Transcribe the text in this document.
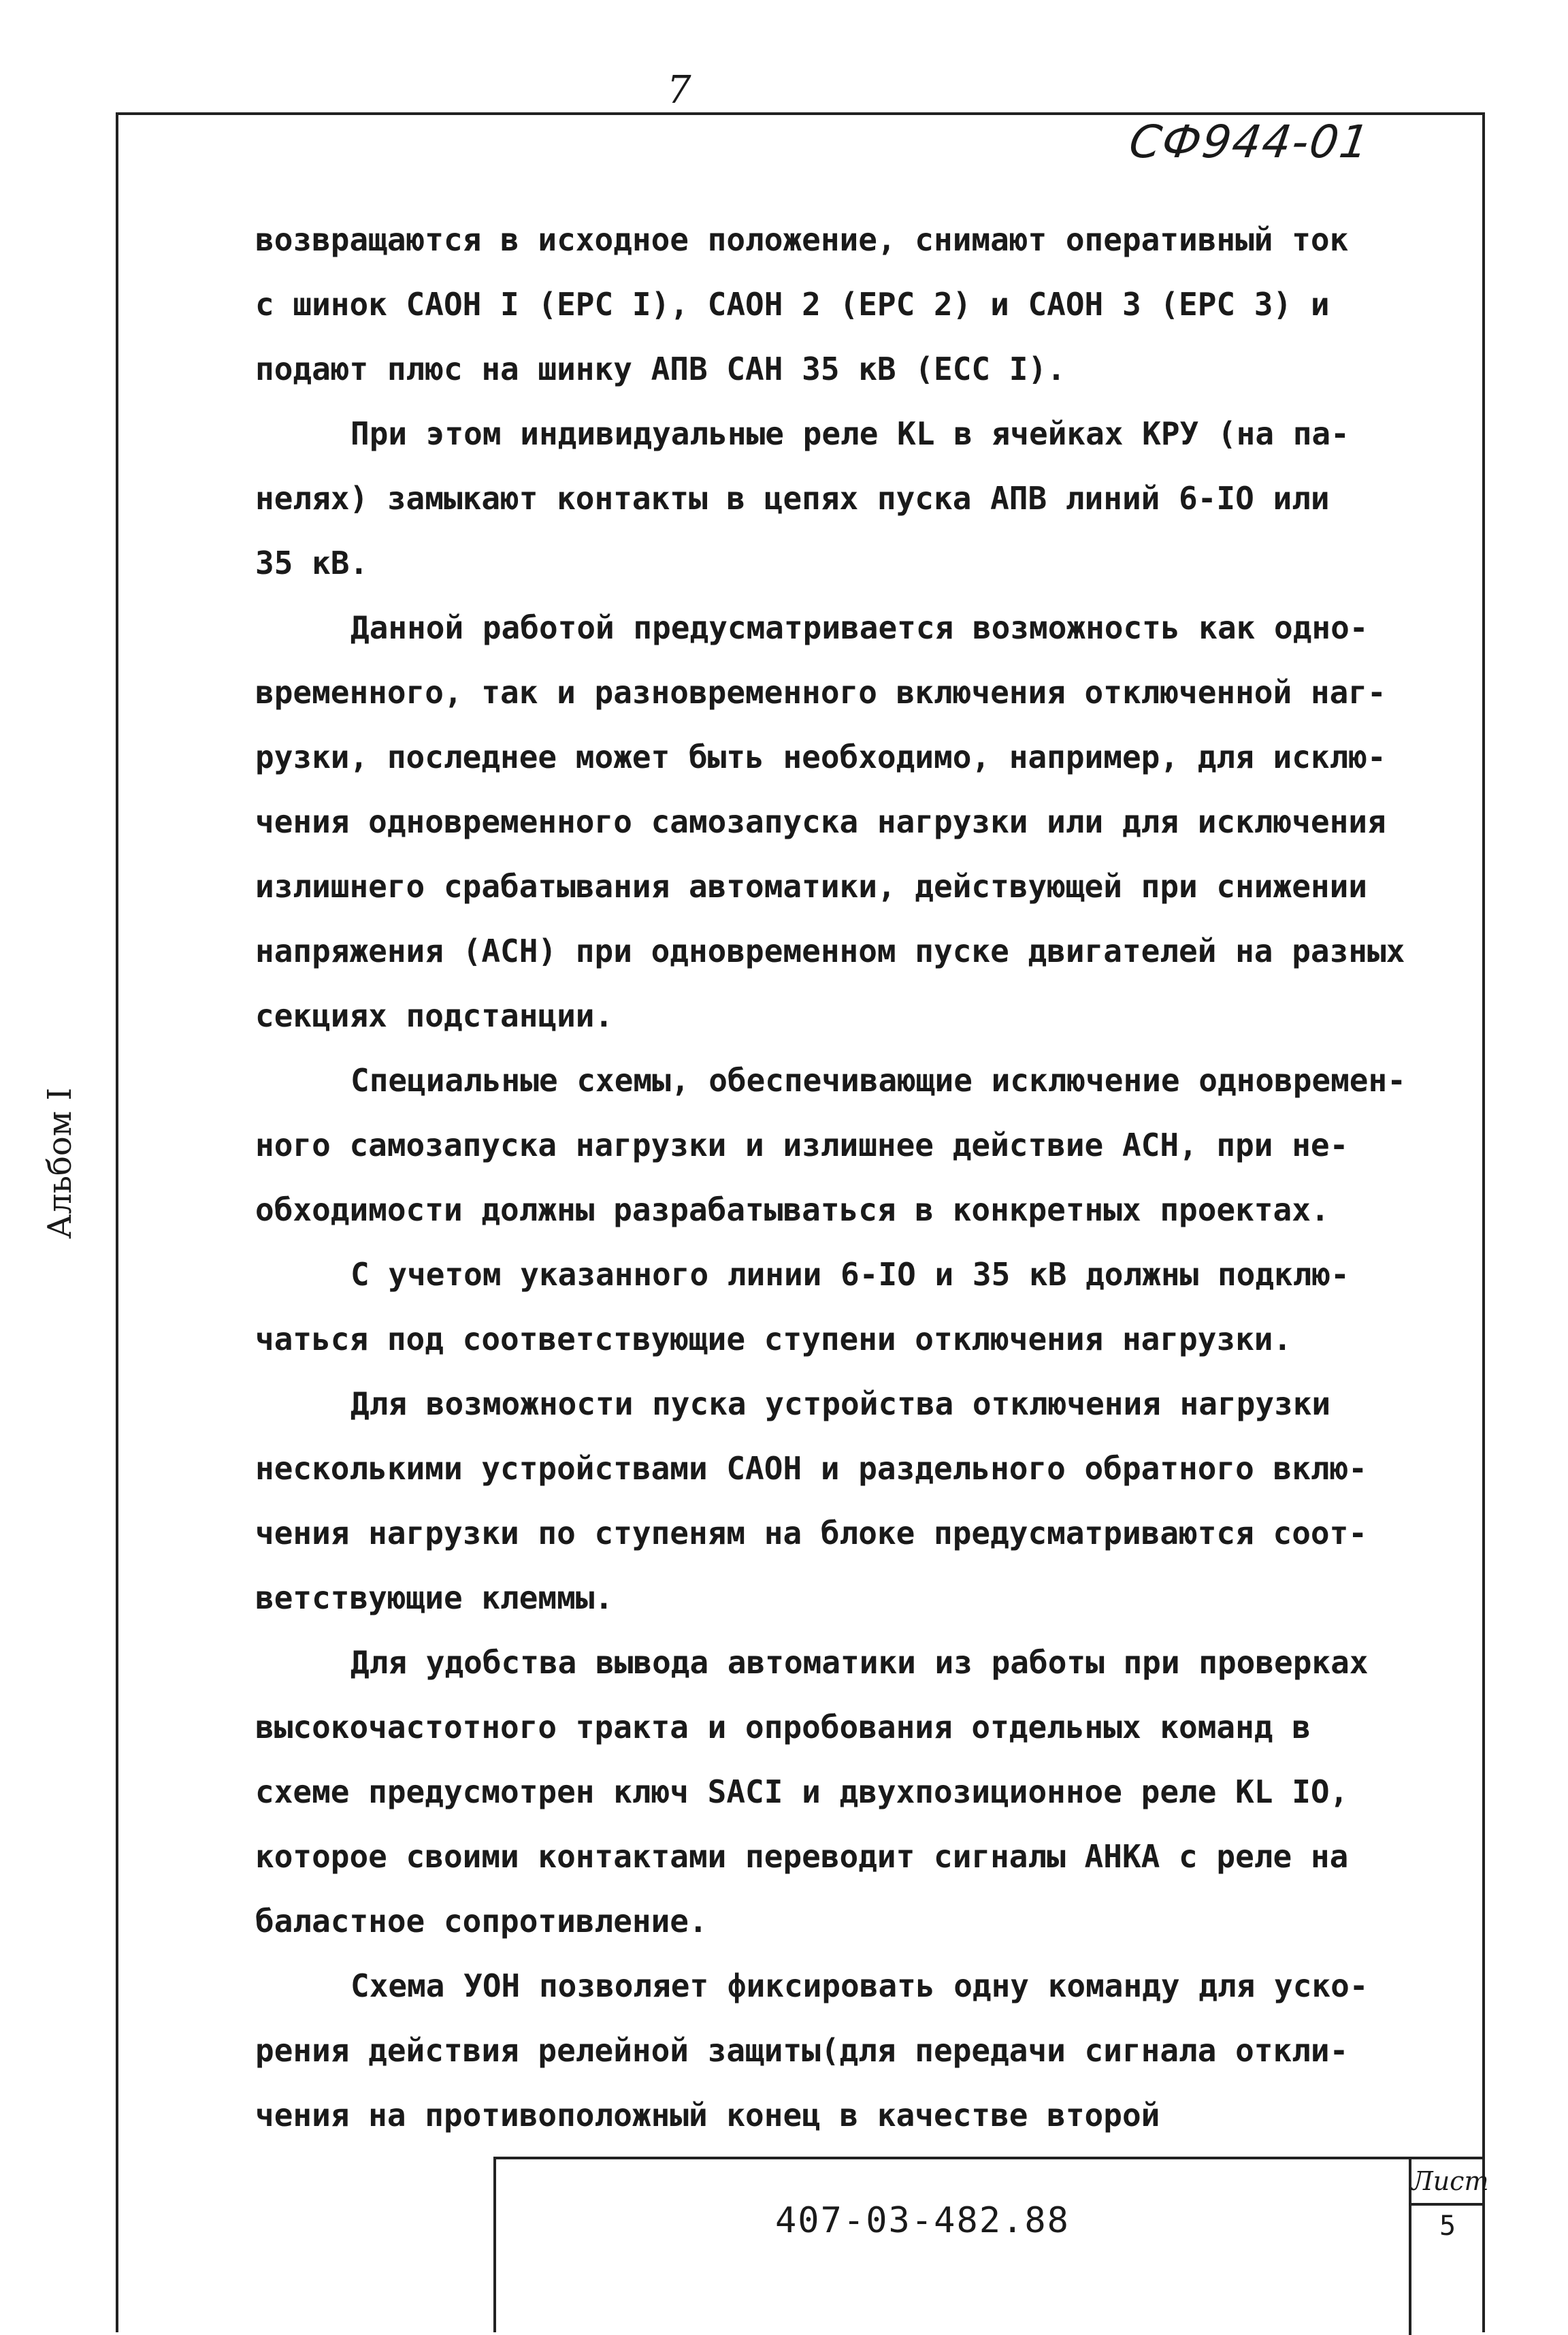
7
СФ944-01
Альбом I
возвращаются в исходное положение, снимают оперативный ток
с шинок САОН I (ЕРС I), САОН 2 (ЕРС 2) и САОН 3 (ЕРС 3) и
подают плюс на шинку АПВ САН 35 кВ (ЕСС I).
При этом индивидуальные реле KL в ячейках КРУ (на па-
нелях) замыкают контакты в цепях пуска АПВ линий 6-IO или
35 кВ.
Данной работой предусматривается возможность как одно-
временного, так и разновременного включения отключенной наг-
рузки, последнее может быть необходимо, например, для исклю-
чения одновременного самозапуска нагрузки или для исключения
излишнего срабатывания автоматики, действующей при снижении
напряжения (АСН) при одновременном пуске двигателей на разных
секциях подстанции.
Специальные схемы, обеспечивающие исключение одновремен-
ного самозапуска нагрузки и излишнее действие АСН, при не-
обходимости должны разрабатываться в конкретных проектах.
С учетом указанного линии 6-IO и 35 кВ должны подклю-
чаться под соответствующие ступени отключения нагрузки.
Для возможности пуска устройства отключения нагрузки
несколькими устройствами САОН и раздельного обратного вклю-
чения нагрузки по ступеням на блоке предусматриваются соот-
ветствующие клеммы.
Для удобства вывода автоматики из работы при проверках
высокочастотного тракта и опробования отдельных команд в
схеме предусмотрен ключ SACI и двухпозиционное реле KL IO,
которое своими контактами переводит сигналы АНКА с реле на
баластное сопротивление.
Схема УОН позволяет фиксировать одну команду для уско-
рения действия релейной защиты(для передачи сигнала откли-
чения на противоположный конец в качестве второй
407-03-482.88
Лист
5
